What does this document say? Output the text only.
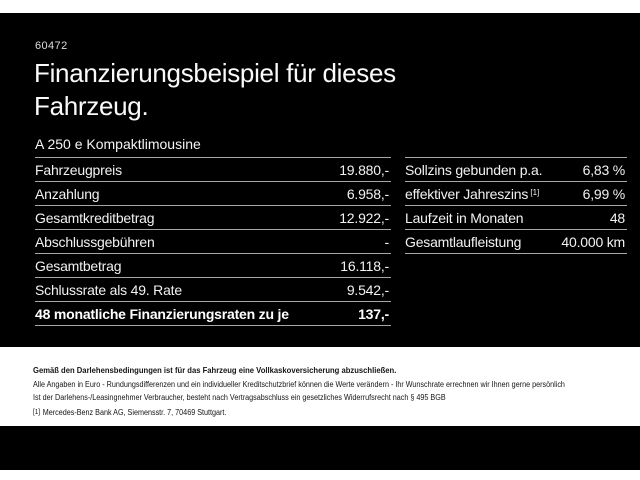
60472
Finanzierungsbeispiel für dieses Fahrzeug.
A 250 e Kompaktlimousine
Fahrzeugpreis	19.880,-
Anzahlung	6.958,-
Gesamtkreditbetrag	12.922,-
Abschlussgebühren	-
Gesamtbetrag	16.118,-
Schlussrate als 49. Rate	9.542,-
48 monatliche Finanzierungsraten zu je	137,-
Sollzins gebunden p.a.	6,83 %
effektiver Jahreszins [1]	6,99 %
Laufzeit in Monaten	48
Gesamtlaufleistung	40.000 km
Gemäß den Darlehensbedingungen ist für das Fahrzeug eine Vollkaskoversicherung abzuschließen.
Alle Angaben in Euro - Rundungsdifferenzen und ein individueller Kreditschutzbrief können die Werte verändern - Ihr Wunschrate errechnen wir Ihnen gerne persönlich
Ist der Darlehens-/Leasingnehmer Verbraucher, besteht nach Vertragsabschluss ein gesetzliches Widerrufsrecht nach § 495 BGB
[1] Mercedes-Benz Bank AG, Siemensstr. 7, 70469 Stuttgart.
